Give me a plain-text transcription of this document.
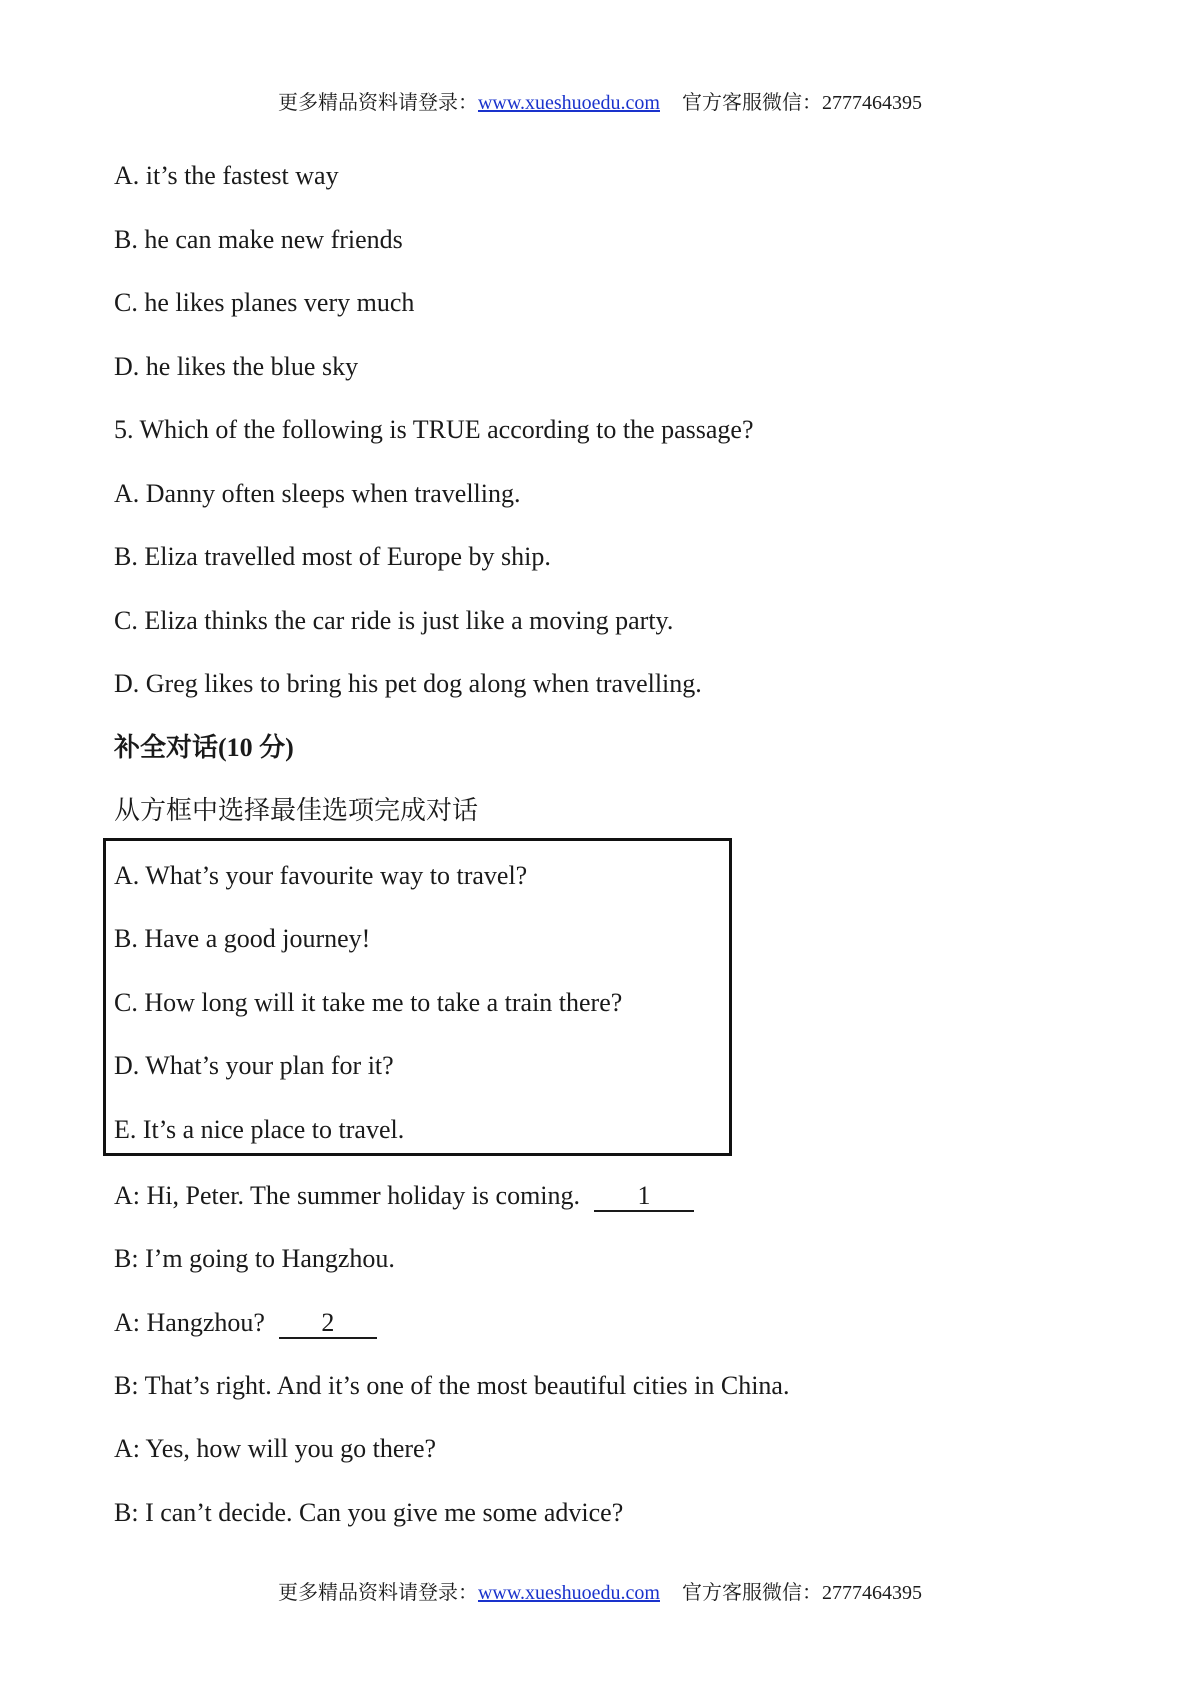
更多精品资料请登录：www.xueshuoedu.com 官方客服微信：2777464395
A. it’s the fastest way
B. he can make new friends
C. he likes planes very much
D. he likes the blue sky
5. Which of the following is TRUE according to the passage?
A. Danny often sleeps when travelling.
B. Eliza travelled most of Europe by ship.
C. Eliza thinks the car ride is just like a moving party.
D. Greg likes to bring his pet dog along when travelling.
补全对话(10 分)
从方框中选择最佳选项完成对话
A. What’s your favourite way to travel?
B. Have a good journey!
C. How long will it take me to take a train there?
D. What’s your plan for it?
E. It’s a nice place to travel.
A: Hi, Peter. The summer holiday is coming. 1
B: I’m going to Hangzhou.
A: Hangzhou? 2
B: That’s right. And it’s one of the most beautiful cities in China.
A: Yes, how will you go there?
B: I can’t decide. Can you give me some advice?
更多精品资料请登录：www.xueshuoedu.com 官方客服微信：2777464395
